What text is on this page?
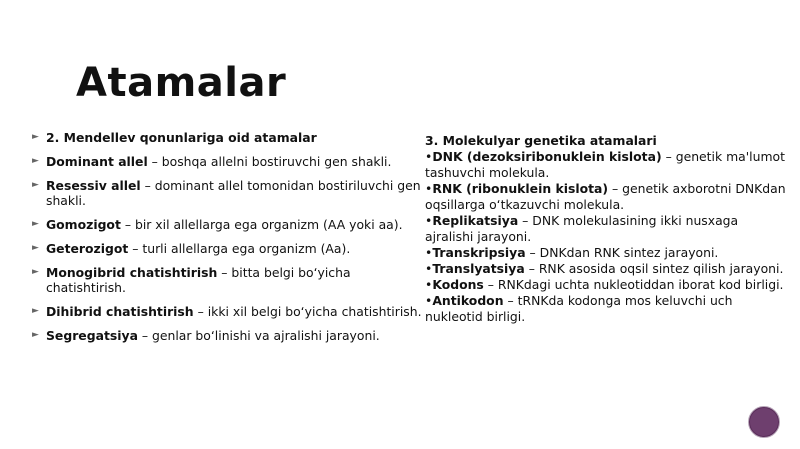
Atamalar
► 2. Mendellev qonunlariga oid atamalar
► Dominant allel – boshqa allelni bostiruvchi gen shakli.
► Resessiv allel – dominant allel tomonidan bostiriluvchi gen shakli.
► Gomozigot – bir xil allellarga ega organizm (AA yoki aa).
► Geterozigot – turli allellarga ega organizm (Aa).
► Monogibrid chatishtirish – bitta belgi bo‘yicha chatishtirish.
► Dihibrid chatishtirish – ikki xil belgi bo‘yicha chatishtirish.
► Segregatsiya – genlar bo‘linishi va ajralishi jarayoni.
3. Molekulyar genetika atamalari
•DNK (dezoksiribonuklein kislota) – genetik ma'lumot tashuvchi molekula.
•RNK (ribonuklein kislota) – genetik axborotni DNKdan oqsillarga o‘tkazuvchi molekula.
•Replikatsiya – DNK molekulasining ikki nusxaga ajralishi jarayoni.
•Transkripsiya – DNKdan RNK sintez jarayoni.
•Translyatsiya – RNK asosida oqsil sintez qilish jarayoni.
•Kodons – RNKdagi uchta nukleotiddan iborat kod birligi.
•Antikodon – tRNKda kodonga mos keluvchi uch nukleotid birligi.
